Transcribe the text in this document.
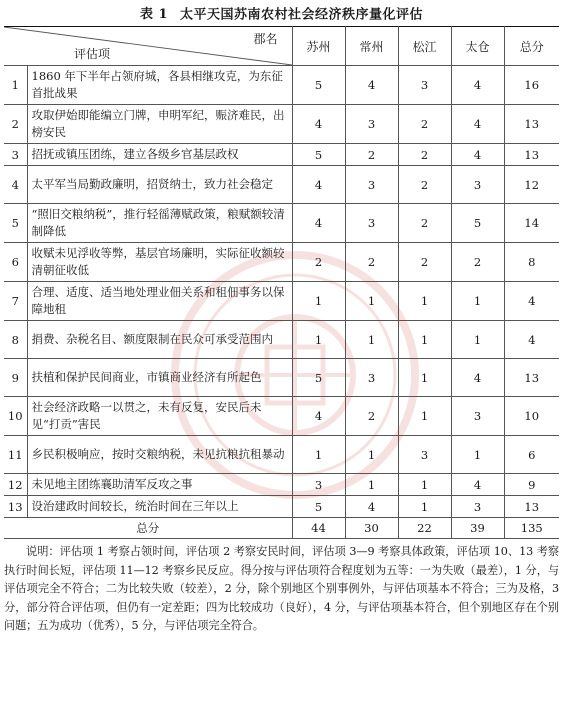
表 1 太平天国苏南农村社会经济秩序量化评估
郡名
评估项		苏州	常州	松江	太仓	总分
1	1860 年下半年占领府城，各县相继攻克，为东征首批战果	5	4	3	4	16
2	攻取伊始即能编立门牌，申明军纪，赈济难民，出榜安民	4	3	2	4	13
3	招抚或镇压团练，建立各级乡官基层政权	5	2	2	4	13
4	太平军当局勤政廉明，招贤纳士，致力社会稳定	4	3	2	3	12
5	“照旧交粮纳税”，推行轻徭薄赋政策，粮赋额较清制降低	4	3	2	5	14
6	收赋未见浮收等弊，基层官场廉明，实际征收额较清朝征收低	2	2	2	2	8
7	合理、适度、适当地处理业佃关系和租佃事务以保障地租	1	1	1	1	4
8	捐费、杂税名目、额度限制在民众可承受范围内	1	1	1	1	4
9	扶植和保护民间商业，市镇商业经济有所起色	5	3	1	4	13
10	社会经济政略一以贯之，未有反复，安民后未见“打贡”害民	4	2	1	3	10
11	乡民积极响应，按时交粮纳税，未见抗粮抗租暴动	1	1	3	1	6
12	未见地主团练襄助清军反攻之事	3	1	1	4	9
13	设治建政时间较长，统治时间在三年以上	5	4	1	3	13
总分		44	30	22	39	135
说明：评估项 1 考察占领时间，评估项 2 考察安民时间，评估项 3—9 考察具体政策，评估项 10、13 考察执行时间长短，评估项 11—12 考察乡民反应。得分按与评估项符合程度划为五等：一为失败（最差），1 分，与评估项完全不符合；二为比较失败（较差），2 分，除个别地区个别事例外，与评估项基本不符合；三为及格，3 分，部分符合评估项，但仍有一定差距；四为比较成功（良好），4 分，与评估项基本符合，但个别地区存在个别问题；五为成功（优秀），5 分，与评估项完全符合。
